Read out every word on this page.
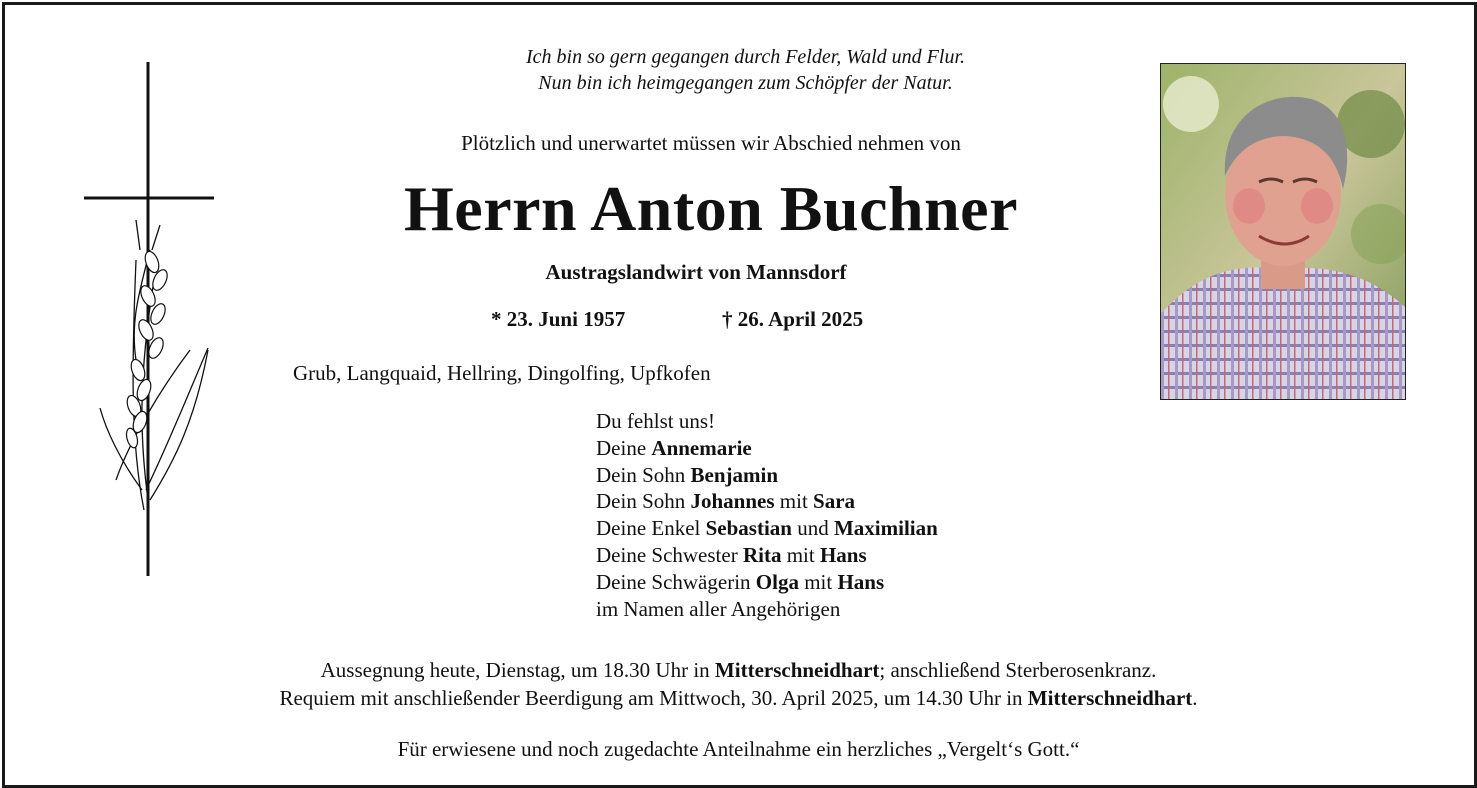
Ich bin so gern gegangen durch Felder, Wald und Flur.
Nun bin ich heimgegangen zum Schöpfer der Natur.
Plötzlich und unerwartet müssen wir Abschied nehmen von
Herrn Anton Buchner
Austragslandwirt von Mannsdorf
* 23. Juni 1957	† 26. April 2025
Grub, Langquaid, Hellring, Dingolfing, Upfkofen
Du fehlst uns!
Deine Annemarie
Dein Sohn Benjamin
Dein Sohn Johannes mit Sara
Deine Enkel Sebastian und Maximilian
Deine Schwester Rita mit Hans
Deine Schwägerin Olga mit Hans
im Namen aller Angehörigen
Aussegnung heute, Dienstag, um 18.30 Uhr in Mitterschneidhart; anschließend Sterberosenkranz.
Requiem mit anschließender Beerdigung am Mittwoch, 30. April 2025, um 14.30 Uhr in Mitterschneidhart.
Für erwiesene und noch zugedachte Anteilnahme ein herzliches „Vergelt‘s Gott.“
